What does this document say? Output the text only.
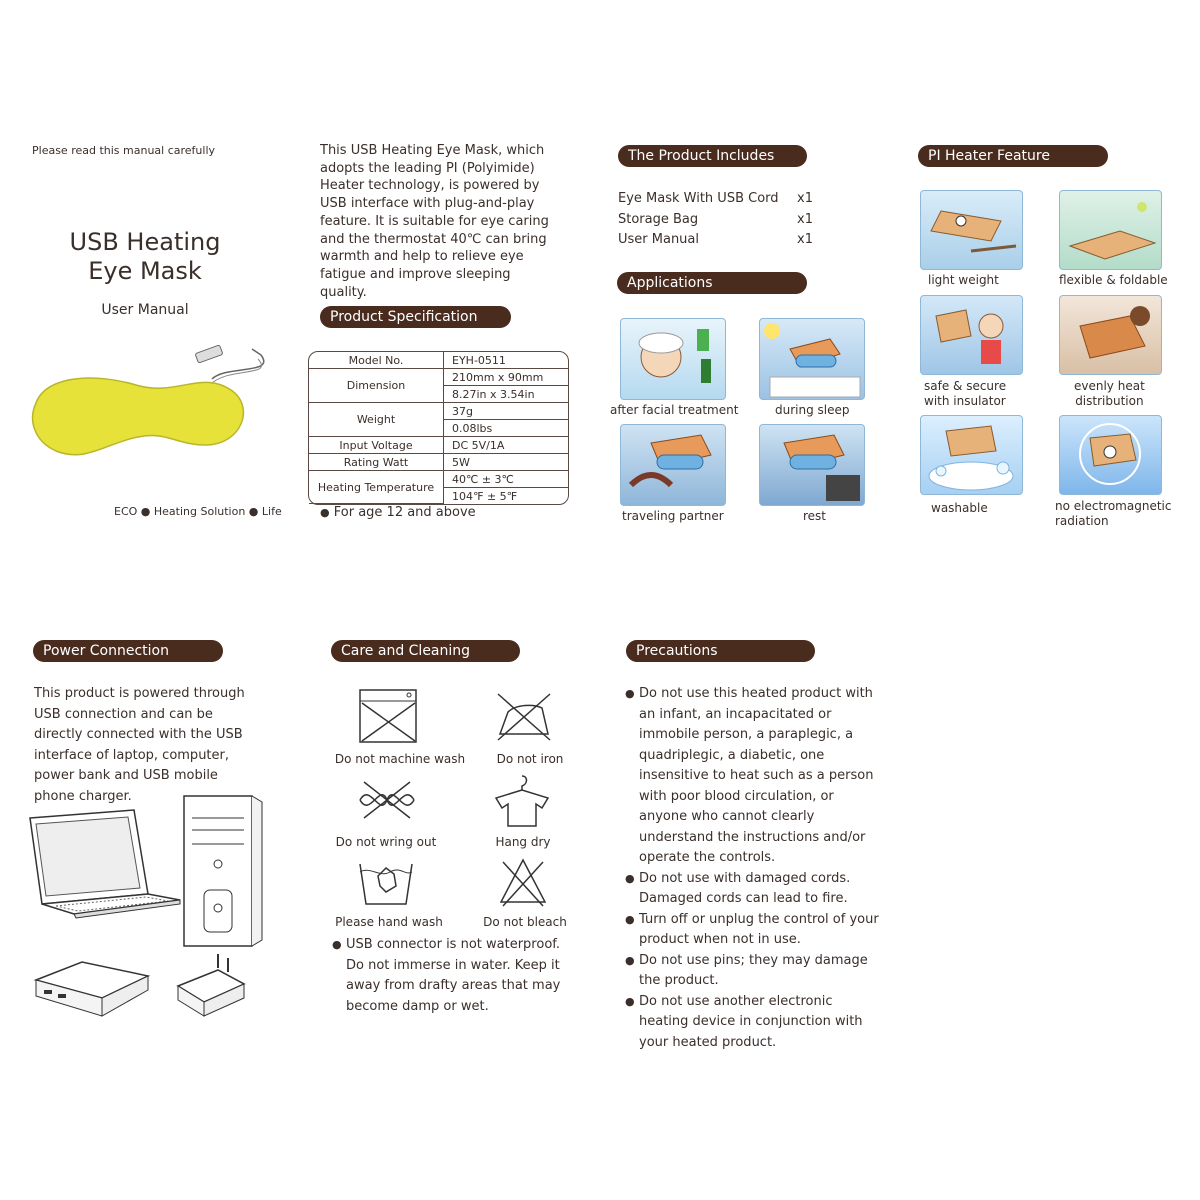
Please read this manual carefully
USB Heating
Eye Mask
User Manual
ECO ● Heating Solution ● Life
This USB Heating Eye Mask, which adopts the leading PI (Polyimide) Heater technology, is powered by USB interface with plug-and-play feature. It is suitable for eye caring and the thermostat 40℃ can bring warmth and help to relieve eye fatigue and improve sleeping quality.
Product Specification
Model No.	EYH-0511
Dimension	210mm x 90mm
	8.27in x 3.54in
Weight	37g
	0.08lbs
Input Voltage	DC 5V/1A
Rating Watt	5W
Heating Temperature	40℃ ± 3℃
	104℉ ± 5℉
● For age 12 and above
The Product Includes
Eye Mask With USB Cord x1
Storage Bag	x1
User Manual	x1
Applications
after facial treatment	during sleep
traveling partner	rest
PI Heater Feature
light weight	flexible & foldable
safe & secure
with insulator
evenly heat
distribution
washable	no electromagnetic
radiation
Power Connection
This product is powered through USB connection and can be directly connected with the USB interface of laptop, computer, power bank and USB mobile phone charger.
Care and Cleaning
Do not machine wash	Do not iron
Do not wring out	Hang dry
Please hand wash	Do not bleach
● USB connector is not waterproof. Do not immerse in water. Keep it away from drafty areas that may become damp or wet.
Precautions
● Do not use this heated product with an infant, an incapacitated or immobile person, a paraplegic, a quadriplegic, a diabetic, one insensitive to heat such as a person with poor blood circulation, or anyone who cannot clearly understand the instructions and/or operate the controls.
● Do not use with damaged cords. Damaged cords can lead to fire.
● Turn off or unplug the control of your product when not in use.
● Do not use pins; they may damage the product.
● Do not use another electronic heating device in conjunction with your heated product.
